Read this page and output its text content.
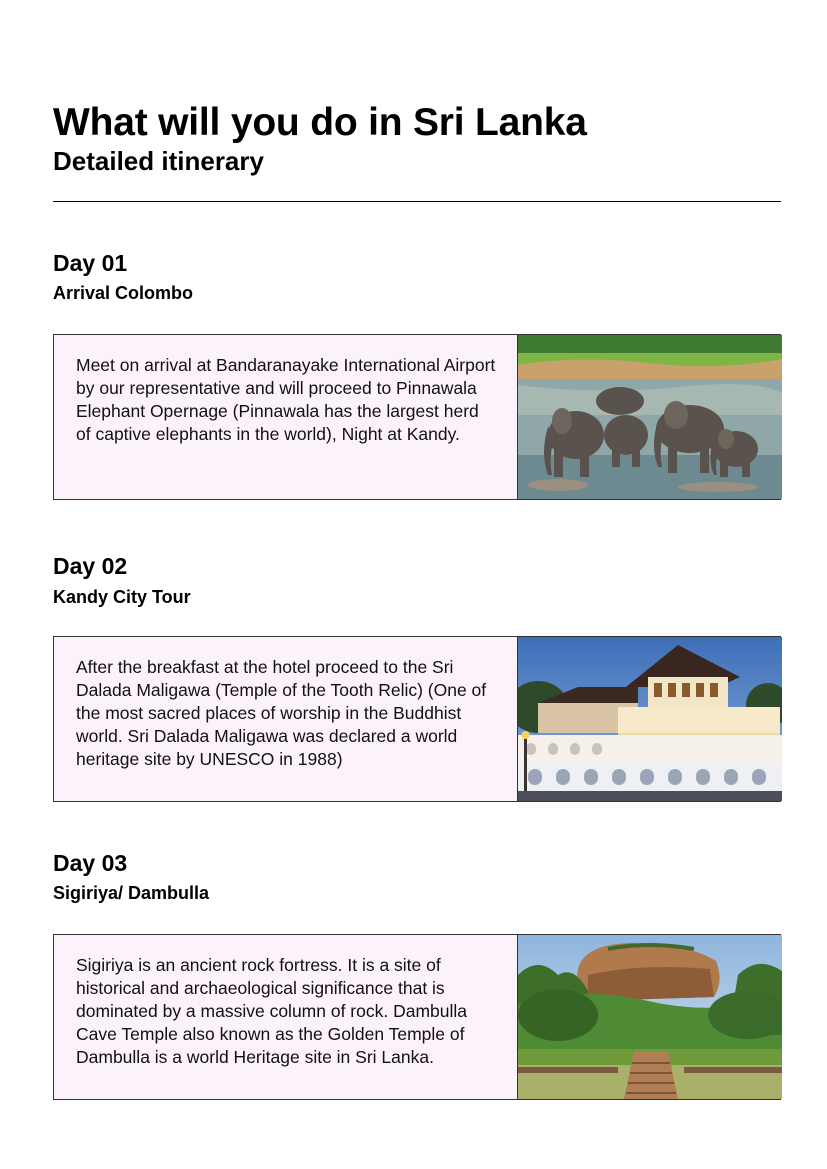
What will you do in Sri Lanka
Detailed itinerary
Day 01
Arrival Colombo

Meet on arrival at Bandaranayake International Airport by our representative and will proceed to Pinnawala Elephant Opernage (Pinnawala has the largest herd of captive elephants in the world), Night at Kandy.

Day 02
Kandy City Tour

After the breakfast at the hotel proceed to the Sri Dalada Maligawa (Temple of the Tooth Relic) (One of the most sacred places of worship in the Buddhist world. Sri Dalada Maligawa was declared a world heritage site by UNESCO in 1988)

Day 03
Sigiriya/ Dambulla

Sigiriya is an ancient rock fortress. It is a site of historical and archaeological significance that is dominated by a massive column of rock. Dambulla Cave Temple also known as the Golden Temple of Dambulla is a world Heritage site in Sri Lanka.
